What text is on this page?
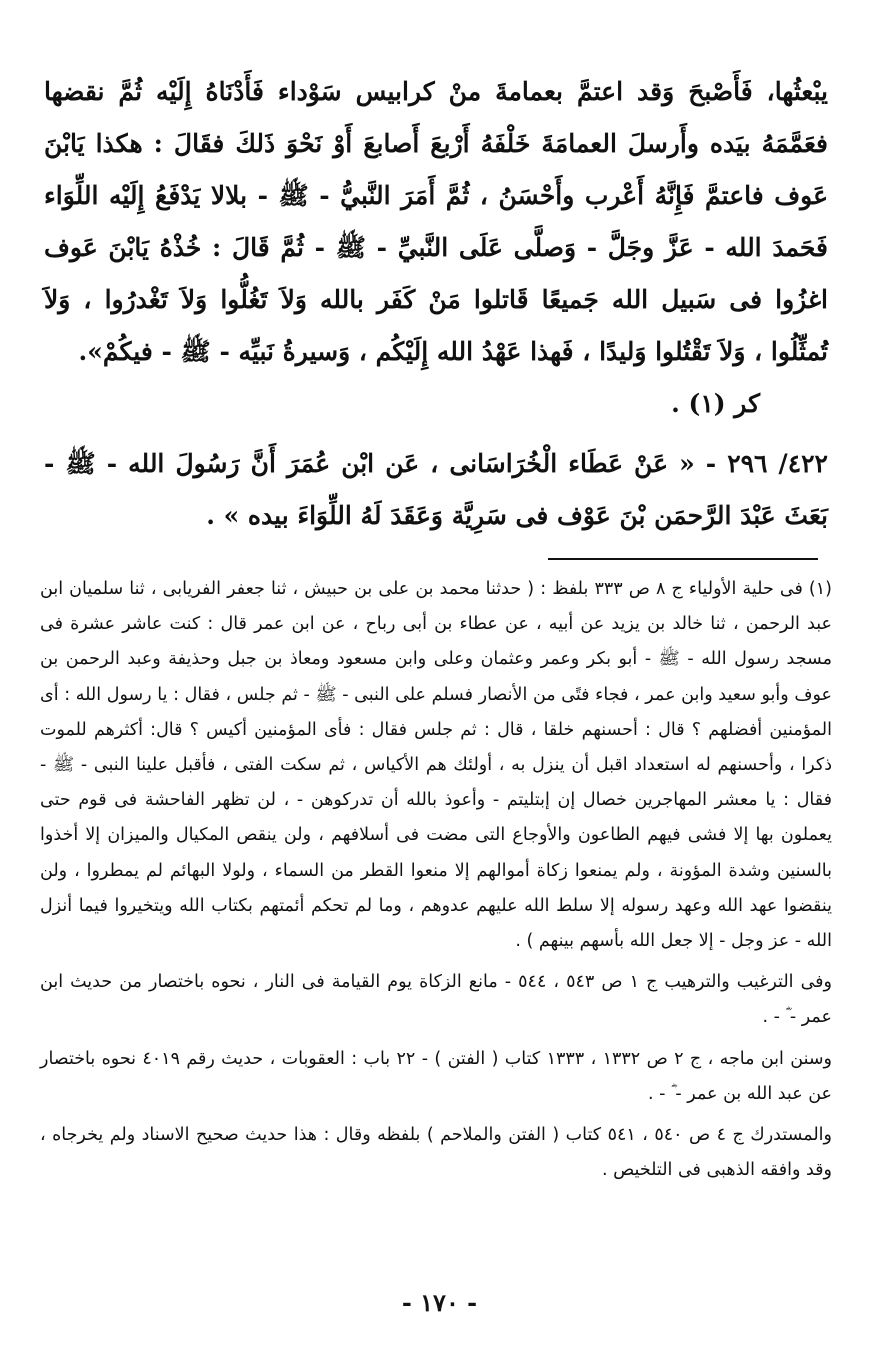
يبْعثُها، فَأَصْبحَ وَقد اعتمَّ بعمامةَ منْ كرابيس سَوْداء فَأَدْنَاهُ إِلَيْه ثُمَّ نقضها فعَمَّمَهُ بيَده وأَرسلَ العمامَةَ خَلْفَهُ أَرْبعَ أَصابعَ أَوْ نَحْوَ ذَلكَ فقَالَ : هكذا يَابْنَ عَوف فاعتمَّ فَإِنَّهُ أَعْرب وأَحْسَنُ ، ثُمَّ أَمَرَ النَّبيُّ - ﷺ - بلالا يَدْفَعُ إِلَيْه اللِّوَاء فَحَمدَ الله - عَزَّ وجَلَّ - وَصلَّى عَلَى النَّبيِّ - ﷺ - ثُمَّ قَالَ : خُذْهُ يَابْنَ عَوف اغزُوا فى سَبيل الله جَميعًا قَاتلوا مَنْ كَفَر بالله وَلاَ تَغُلُّوا وَلاَ تَغْدرُوا ، وَلاَ تُمثِّلُوا ، وَلاَ تَقْتُلوا وَليدًا ، فَهذا عَهْدُ الله إِلَيْكُم ، وَسيرةُ نَبيِّه - ﷺ - فيكُمْ».

كر (١) .

٤٢٢/ ٢٩٦ - « عَنْ عَطَاء الْخُرَاسَانى ، عَن ابْن عُمَرَ أَنَّ رَسُولَ الله - ﷺ - بَعَثَ عَبْدَ الرَّحمَن بْنَ عَوْف فى سَرِيَّة وَعَقَدَ لَهُ اللِّوَاءَ بيده » .

(١) فى حلية الأولياء ج ٨ ص ٣٣٣ بلفظ : ( حدثنا محمد بن على بن حبيش ، ثنا جعفر الفريابى ، ثنا سلميان ابن عبد الرحمن ، ثنا خالد بن يزيد عن أبيه ، عن عطاء بن أبى رباح ، عن ابن عمر قال : كنت عاشر عشرة فى مسجد رسول الله - ﷺ - أبو بكر وعمر وعثمان وعلى وابن مسعود ومعاذ بن جبل وحذيفة وعبد الرحمن بن عوف وأبو سعيد وابن عمر ، فجاء فتًى من الأنصار فسلم على النبى - ﷺ - ثم جلس ، فقال : يا رسول الله : أى المؤمنين أفضلهم ؟ قال : أحسنهم خلقا ، قال : ثم جلس فقال : فأى المؤمنين أكيس ؟ قال: أكثرهم للموت ذكرا ، وأحسنهم له استعداد اقبل أن ينزل به ، أولئك هم الأكياس ، ثم سكت الفتى ، فأقبل علينا النبى - ﷺ - فقال : يا معشر المهاجرين خصال إن إبتليتم - وأعوذ بالله أن تدركوهن - ، لن تظهر الفاحشة فى قوم حتى يعملون بها إلا فشى فيهم الطاعون والأوجاع التى مضت فى أسلافهم ، ولن ينقص المكيال والميزان إلا أخذوا بالسنين وشدة المؤونة ، ولم يمنعوا زكاة أموالهم إلا منعوا القطر من السماء ، ولولا البهائم لم يمطروا ، ولن ينقضوا عهد الله وعهد رسوله إلا سلط الله عليهم عدوهم ، وما لم تحكم أئمتهم بكتاب الله ويتخيروا فيما أنزل الله - عز وجل - إلا جعل الله بأسهم بينهم ) .

وفى الترغيب والترهيب ج ١ ص ٥٤٣ ، ٥٤٤ - مانع الزكاة يوم القيامة فى النار ، نحوه باختصار من حديث ابن عمر - ؓ - .

وسنن ابن ماجه ، ج ٢ ص ١٣٣٢ ، ١٣٣٣ كتاب ( الفتن ) - ٢٢ باب : العقوبات ، حديث رقم ٤٠١٩ نحوه باختصار عن عبد الله بن عمر - ؓ - .

والمستدرك ج ٤ ص ٥٤٠ ، ٥٤١ كتاب ( الفتن والملاحم ) بلفظه وقال : هذا حديث صحيح الاسناد ولم يخرجاه ، وقد وافقه الذهبى فى التلخيص .

- ١٧٠ -
